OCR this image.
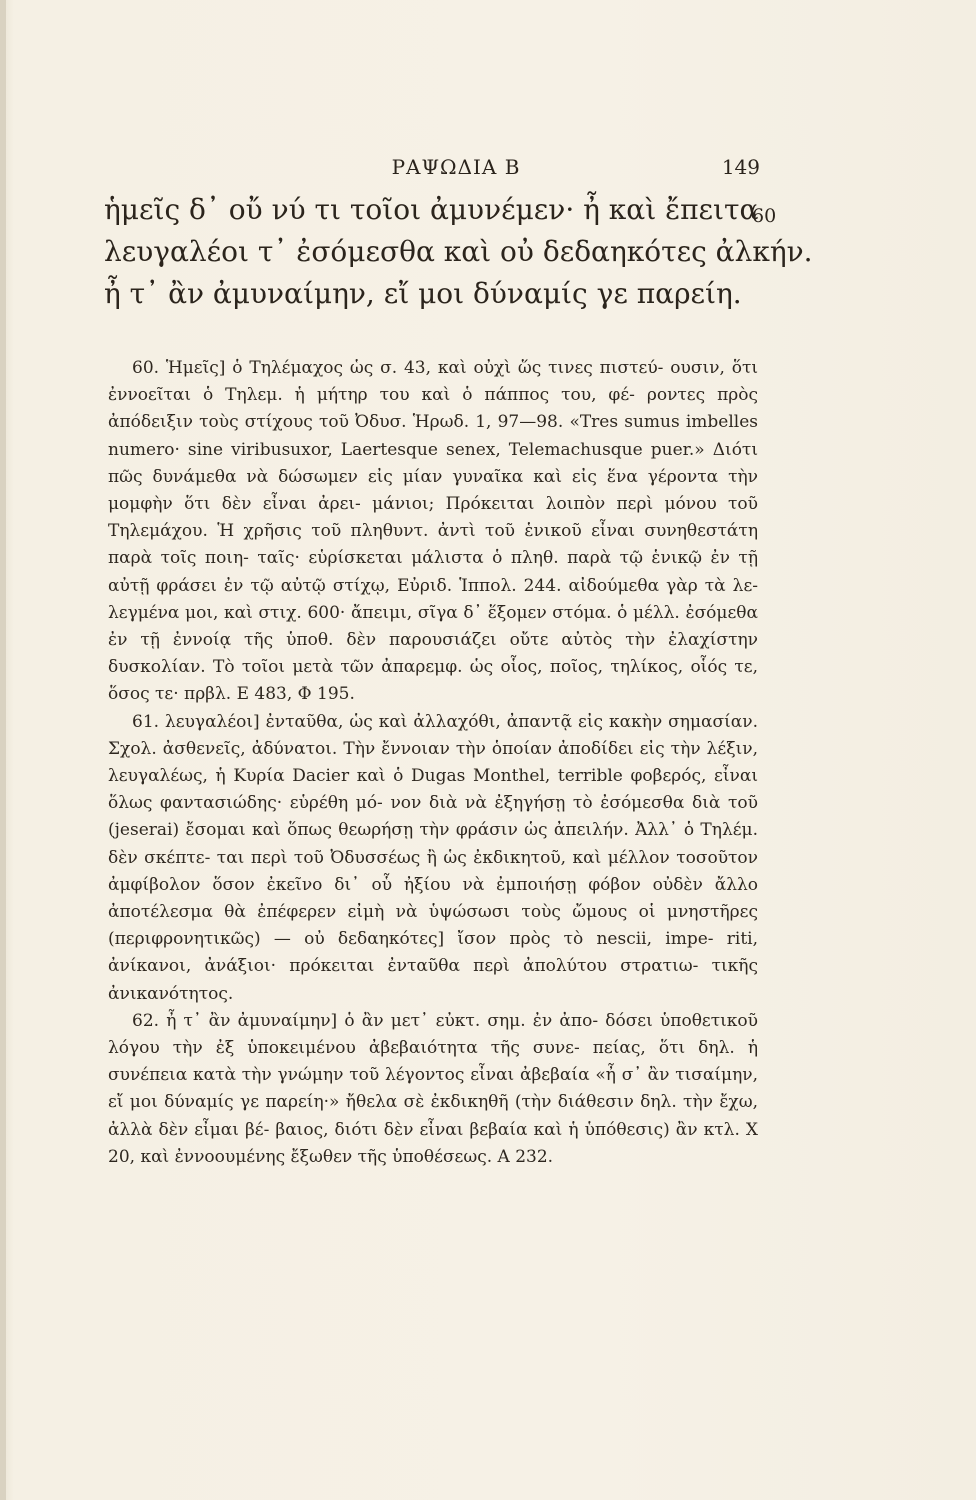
ΡΑΨΩΔΙΑ Β	149
ἡμεῖς δ᾽ οὔ νύ τι τοῖοι ἀμυνέμεν· ἦ καὶ ἔπειτα
λευγαλέοι τ᾽ ἐσόμεσθα καὶ οὐ δεδαηκότες ἀλκήν.
ἦ τ᾽ ἂν ἀμυναίμην, εἴ μοι δύναμίς γε παρείη.
60

60. Ἡμεῖς] ὁ Τηλέμαχος ὡς σ. 43, καὶ οὐχὶ ὥς τινες πιστεύ- ουσιν, ὅτι ἐννοεῖται ὁ Τηλεμ. ἡ μήτηρ του καὶ ὁ πάππος του, φέ- ροντες πρὸς ἀπόδειξιν τοὺς στίχους τοῦ Ὀδυσ. Ἡρωδ. 1, 97—98. «Tres sumus imbelles numero· sine viribusuxor, Laertesque senex, Telemachusque puer.» Διότι πῶς δυνάμεθα νὰ δώσωμεν εἰς μίαν γυναῖκα καὶ εἰς ἕνα γέροντα τὴν μομφὴν ὅτι δὲν εἶναι ἀρει- μάνιοι; Πρόκειται λοιπὸν περὶ μόνου τοῦ Τηλεμάχου. Ἡ χρῆσις τοῦ πληθυντ. ἀντὶ τοῦ ἑνικοῦ εἶναι συνηθεστάτη παρὰ τοῖς ποιη- ταῖς· εὑρίσκεται μάλιστα ὁ πληθ. παρὰ τῷ ἑνικῷ ἐν τῇ αὐτῇ φράσει ἐν τῷ αὐτῷ στίχῳ, Εὐριδ. Ἱππολ. 244. αἰδούμεθα γὰρ τὰ λε- λεγμένα μοι, καὶ στιχ. 600· ἄπειμι, σῖγα δ᾽ ἕξομεν στόμα. ὁ μέλλ. ἐσόμεθα ἐν τῇ ἐννοίᾳ τῆς ὑποθ. δὲν παρουσιάζει οὔτε αὐτὸς τὴν ἐλαχίστην δυσκολίαν. Τὸ τοῖοι μετὰ τῶν ἀπαρεμφ. ὡς οἷος, ποῖος, τηλίκος, οἷός τε, ὅσος τε· πρβλ. Ε 483, Φ 195.

61. λευγαλέοι] ἐνταῦθα, ὡς καὶ ἀλλαχόθι, ἀπαντᾷ εἰς κακὴν σημασίαν. Σχολ. ἀσθενεῖς, ἀδύνατοι. Τὴν ἔννοιαν τὴν ὁποίαν ἀποδίδει εἰς τὴν λέξιν, λευγαλέως, ἡ Κυρία Dacier καὶ ὁ Dugas Monthel, terrible φοβερός, εἶναι ὅλως φαντασιώδης· εὑρέθη μό- νον διὰ νὰ ἐξηγήσῃ τὸ ἐσόμεσθα διὰ τοῦ (jeserai) ἔσομαι καὶ ὅπως θεωρήσῃ τὴν φράσιν ὡς ἀπειλήν. Ἀλλ᾽ ὁ Τηλέμ. δὲν σκέπτε- ται περὶ τοῦ Ὀδυσσέως ἢ ὡς ἐκδικητοῦ, καὶ μέλλον τοσοῦτον ἀμφίβολον ὅσον ἐκεῖνο δι᾽ οὗ ἠξίου νὰ ἐμποιήσῃ φόβον οὐδὲν ἄλλο ἀποτέλεσμα θὰ ἐπέφερεν εἰμὴ νὰ ὑψώσωσι τοὺς ὤμους οἱ μνηστῆρες (περιφρονητικῶς) — οὐ δεδαηκότες] ἴσον πρὸς τὸ nescii, impe- riti, ἀνίκανοι, ἀνάξιοι· πρόκειται ἐνταῦθα περὶ ἀπολύτου στρατιω- τικῆς ἀνικανότητος.

62. ἦ τ᾽ ἂν ἀμυναίμην] ὁ ἂν μετ᾽ εὐκτ. σημ. ἐν ἀπο- δόσει ὑποθετικοῦ λόγου τὴν ἐξ ὑποκειμένου ἀβεβαιότητα τῆς συνε- πείας, ὅτι δηλ. ἡ συνέπεια κατὰ τὴν γνώμην τοῦ λέγοντος εἶναι ἀβεβαία «ἦ σ᾽ ἂν τισαίμην, εἴ μοι δύναμίς γε παρείη·» ἤθελα σὲ ἐκδικηθῆ (τὴν διάθεσιν δηλ. τὴν ἔχω, ἀλλὰ δὲν εἶμαι βέ- βαιος, διότι δὲν εἶναι βεβαία καὶ ἡ ὑπόθεσις) ἂν κτλ. Χ 20, καὶ ἐννοουμένης ἔξωθεν τῆς ὑποθέσεως. Α 232.
